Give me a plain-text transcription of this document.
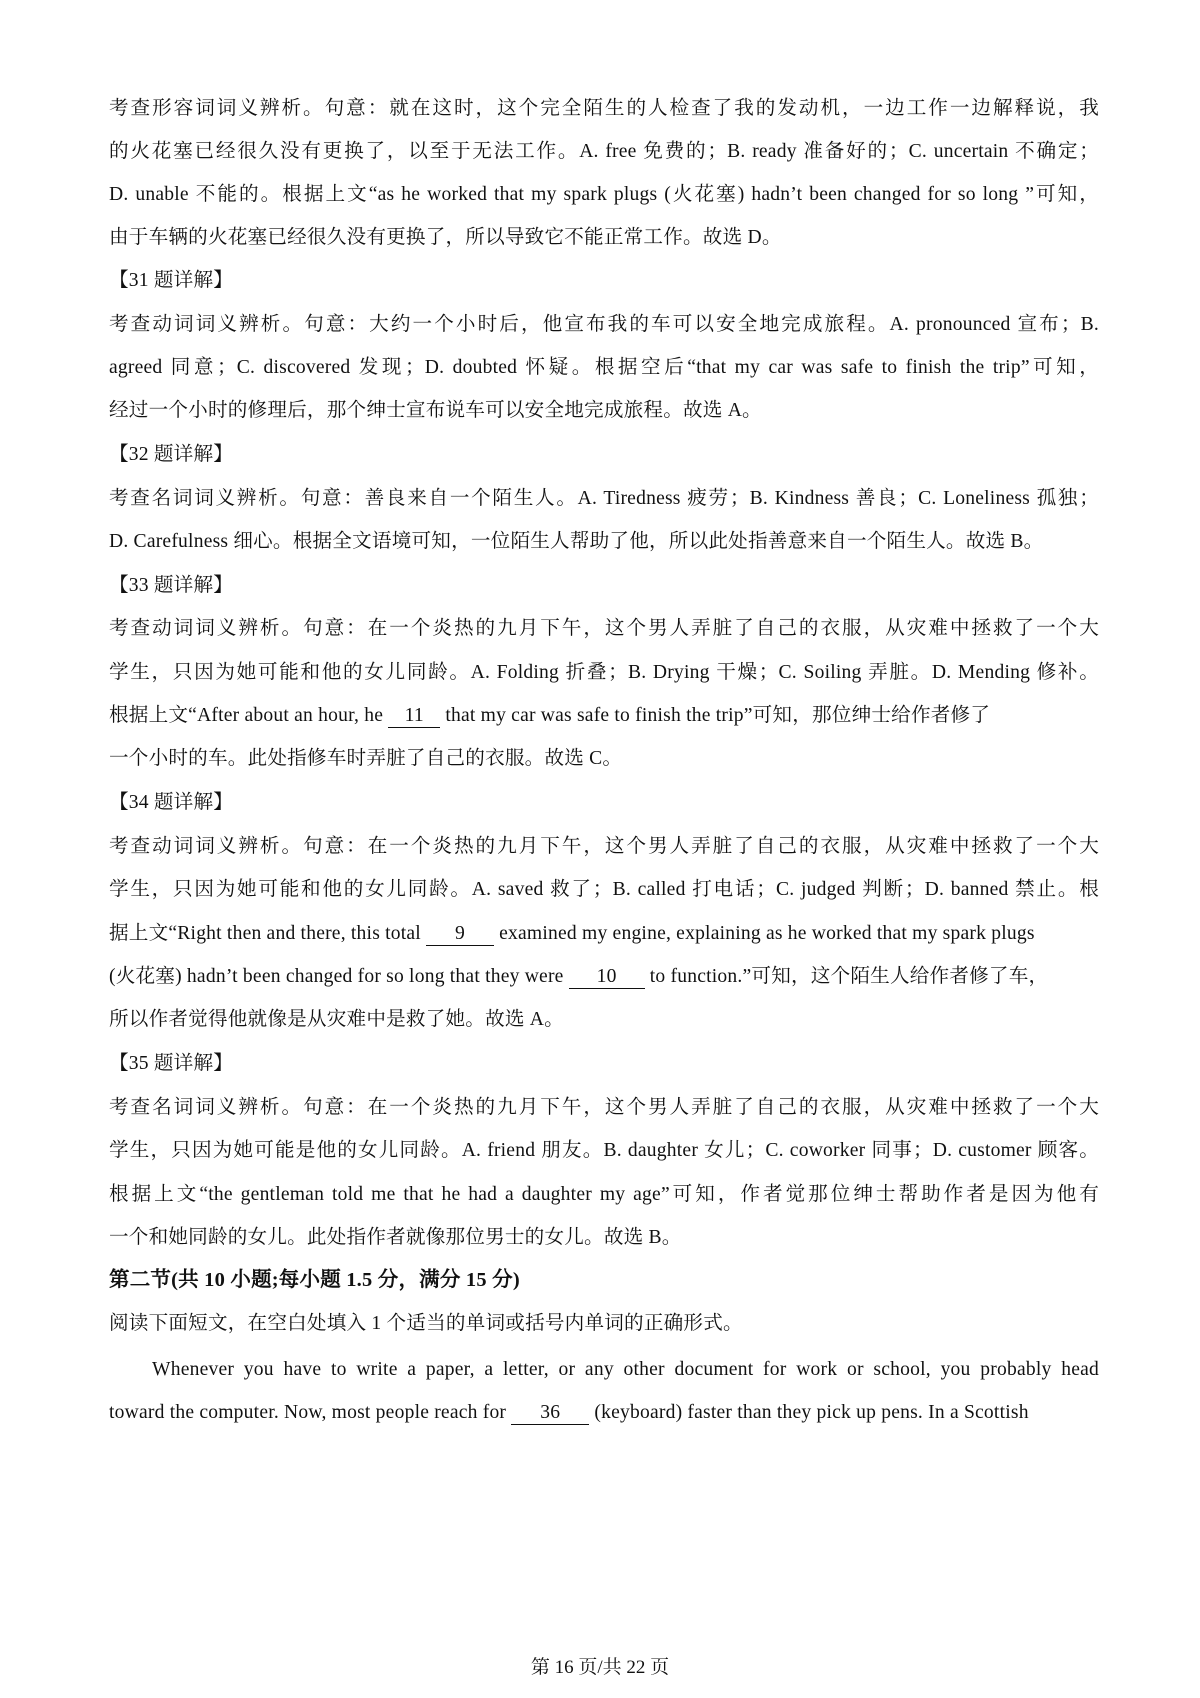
考查形容词词义辨析。句意：就在这时，这个完全陌生的人检查了我的发动机，一边工作一边解释说，我
的火花塞已经很久没有更换了，以至于无法工作。A. free 免费的；B. ready 准备好的；C. uncertain 不确定；
D. unable 不能的。根据上文“as he worked that my spark plugs (火花塞) hadn’t been changed for so long ”可知，
由于车辆的火花塞已经很久没有更换了，所以导致它不能正常工作。故选 D。
【31 题详解】
考查动词词义辨析。句意：大约一个小时后，他宣布我的车可以安全地完成旅程。A. pronounced 宣布；B.
agreed 同意；C. discovered 发现；D. doubted 怀疑。根据空后“that my car was safe to finish the trip”可知，
经过一个小时的修理后，那个绅士宣布说车可以安全地完成旅程。故选 A。
【32 题详解】
考查名词词义辨析。句意：善良来自一个陌生人。A. Tiredness 疲劳；B. Kindness 善良；C. Loneliness 孤独；
D. Carefulness 细心。根据全文语境可知，一位陌生人帮助了他，所以此处指善意来自一个陌生人。故选 B。
【33 题详解】
考查动词词义辨析。句意：在一个炎热的九月下午，这个男人弄脏了自己的衣服，从灾难中拯救了一个大
学生，只因为她可能和他的女儿同龄。A. Folding 折叠；B. Drying 干燥；C. Soiling 弄脏。D. Mending 修补。
根据上文“After about an hour, he 11 that my car was safe to finish the trip”可知，那位绅士给作者修了
一个小时的车。此处指修车时弄脏了自己的衣服。故选 C。
【34 题详解】
考查动词词义辨析。句意：在一个炎热的九月下午，这个男人弄脏了自己的衣服，从灾难中拯救了一个大
学生，只因为她可能和他的女儿同龄。A. saved 救了；B. called 打电话；C. judged 判断；D. banned 禁止。根
据上文“Right then and there, this total 9 examined my engine, explaining as he worked that my spark plugs
(火花塞) hadn’t been changed for so long that they were 10 to function.”可知，这个陌生人给作者修了车，
所以作者觉得他就像是从灾难中是救了她。故选 A。
【35 题详解】
考查名词词义辨析。句意：在一个炎热的九月下午，这个男人弄脏了自己的衣服，从灾难中拯救了一个大
学生，只因为她可能是他的女儿同龄。A. friend 朋友。B. daughter 女儿；C. coworker 同事；D. customer 顾客。
根据上文“the gentleman told me that he had a daughter my age”可知，作者觉那位绅士帮助作者是因为他有
一个和她同龄的女儿。此处指作者就像那位男士的女儿。故选 B。
第二节(共 10 小题;每小题 1.5 分，满分 15 分)
阅读下面短文，在空白处填入 1 个适当的单词或括号内单词的正确形式。
Whenever you have to write a paper, a letter, or any other document for work or school, you probably head
toward the computer. Now, most people reach for 36 (keyboard) faster than they pick up pens. In a Scottish
第 16 页/共 22 页
